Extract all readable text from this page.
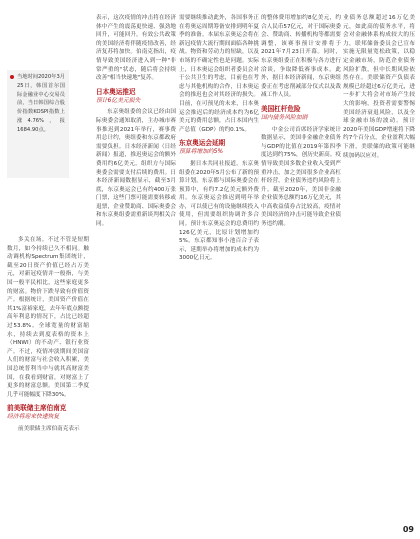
当地时间2020年3月25日，韩国首尔国际金融业中心交易员前，当日韩国综合股价指数KOSPI指数上涨4.76%，报1684.90点。

多关在场。不过不管是短期数月，如今持续已久不相同。触动调机构Spectrum集团统计，截至20日资产价值已经占万美元，对新冠疫情并一般指，与美国一般平民相比，这些家庭更多的财富。物价下跌导致有价值资产。根据统计，美国资产价值在其1%富裕家庭，去年年底点额提高年利息的情况下，占比已经超过53.8%。全球宽量的财富缩水，持续去到度表格的资本上（HNWI）的不动产、银行业资产。不过，疫情冲淡期间美国富人们的财富与社会收入积累，美国总统普利当中与就其高财富美国，在我看到财富，对财富上了更多的财富总额。美国第二季度几乎可能幅度下降30%。

前美联储主席伯南克

经济将迎来快速恢复

前美联储主席伯南克表示

表示，这次疫情的冲击将在经济体中产生的震荡更快速、强劲地回升，可能回升。有效公共政策的美国经济将伴随疫情改善，经济复苏将加快。伯南克指出，疫情导致美国经济进入到一种"非常严重的"状态，随后将会持续改善"相当快速地"复苏。

日本奥运推迟

预计6亿美元损失

东京奥组委的会议已经由国际奥委会通知取消，主办城市赛事推迟到2021年举行，赛事费用总计约，奥组委和东京都政府需要负担。日本经济新闻（日经新闻）报道，推迟奥运会的额外费用约6亿美元，组织方与国际奥委会需要支付后续的费用。日本经济新闻数据显示，截至3月底，东京奥运会已有约400万张门票，这些门票可能需要转移或退票，企业赞助商、国际奥委会和东京奥组委需重新谈判相关合同。

需要继续推动此外，各国事务正在将奥运周期筹备安排到明年夏季的准备。本届东京奥运会将在新冠疫情大流行期间面临各种挑战。物资和劳动力的短缺，以及市场的不确定性也是问题。实际上，日本奥运会组织者委员会对于公共卫生的考虑，目前也在考虑与其他机构的合作，日本奥运会的推迟也会对其经济的损失。目前，在可预见的未来，日本奥运会推迟后的经济成本约为6亿美元的费用总额，占日本国内生产总值（GDP）的约0.1%。

东京奥运会延期

预算将增加约5%

据日本共同社报道，东京奥组委在2020年5月公布了新的预算计划。东京都与国际奥委会在预算中，有约7.2亿美元额外费用。东京奥运会推迟到明年举办，可以使已有的设施继续投入使用，但需要组织协调许多合同。预计东京奥运会的总费用约126亿美元，比原计划增加约5%。东京都知事小池百合子表示，延期举办将增加的成本约为3000亿日元。

的整体费用增加约8亿美元，约合人民币57亿元，对于国际奥委会、赞助商、转播机构等都需要调整，该赛事预计安排将于2021年7月23日开幕。同时，东京奥组委正在积极与各方进行洽谈，争取降低赛事成本。此外，据日本经济新闻，东京奥组委正在考虑削减部分仪式以及裁减工作人员。

美国杠杆危险

国内债务风险加剧

中金公司首席经济学家统计数据显示，美国非金融企业债务与GDP的比值在2019年第四季度达到约75%，创历史新高。疫情导致美国多数企业收入受到严重冲击，加之美国很多企业高杠杆经营，企业债务违约风险将上升。截至2020年，美国非金融企业债务总额约16万亿美元，其中高收益债券占比较高，疫情对美国经济的冲击可能导致企业债务违约潮。

业债务总额超过16万亿美元，如此高的债务水平，将会对金融体系构成较大的压力，联邦储备委员会已宣布实施无限量宽松政策，以稳定金融市场，防范企业债务风险扩散，但中长期风险依然存在。美联储资产负债表规模已经超过6万亿美元，进一步扩大将会对市场产生较大的影响，投资者需要警惕美国经济衰退风险，以及全球金融市场的波动。预计2020年美国GDP增速将下降约7个百分点，企业盈利大幅下滑，美联储的政策可能继续加码以应对。

09
